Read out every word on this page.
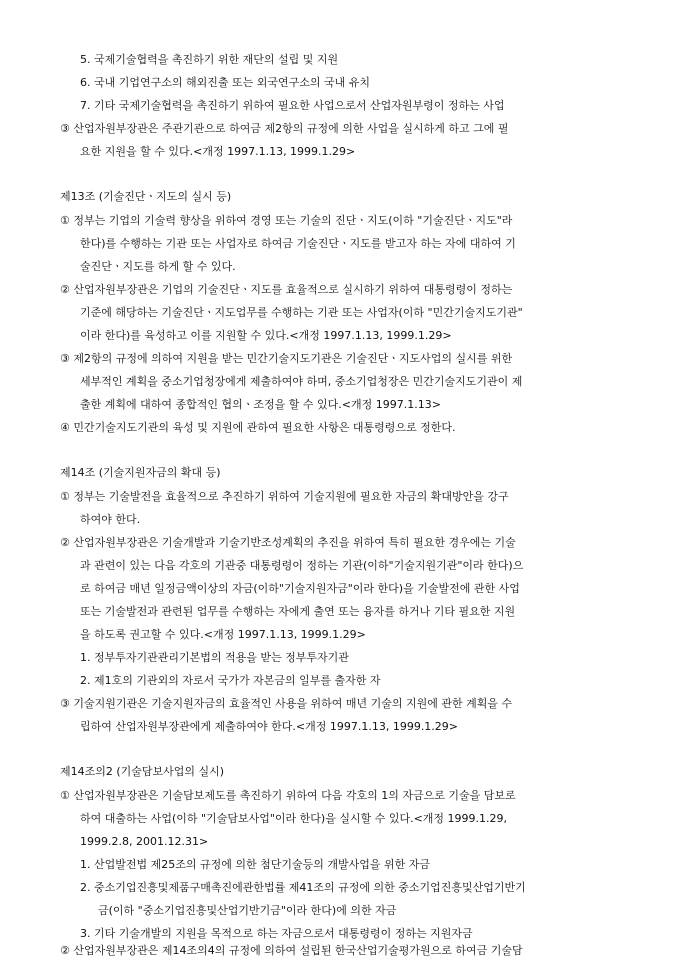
5. 국제기술협력을 촉진하기 위한 재단의 설립 및 지원
6. 국내 기업연구소의 해외진출 또는 외국연구소의 국내 유치
7. 기타 국제기술협력을 촉진하기 위하여 필요한 사업으로서 산업자원부령이 정하는 사업
③ 산업자원부장관은 주관기관으로 하여금 제2항의 규정에 의한 사업을 실시하게 하고 그에 필
요한 지원을 할 수 있다.<개정 1997.1.13, 1999.1.29>
제13조 (기술진단ㆍ지도의 실시 등)
① 정부는 기업의 기술력 향상을 위하여 경영 또는 기술의 진단ㆍ지도(이하 "기술진단ㆍ지도"라
한다)를 수행하는 기관 또는 사업자로 하여금 기술진단ㆍ지도를 받고자 하는 자에 대하여 기
술진단ㆍ지도를 하게 할 수 있다.
② 산업자원부장관은 기업의 기술진단ㆍ지도를 효율적으로 실시하기 위하여 대통령령이 정하는
기준에 해당하는 기술진단ㆍ지도업무를 수행하는 기관 또는 사업자(이하 "민간기술지도기관"
이라 한다)를 육성하고 이를 지원할 수 있다.<개정 1997.1.13, 1999.1.29>
③ 제2항의 규정에 의하여 지원을 받는 민간기술지도기관은 기술진단ㆍ지도사업의 실시를 위한
세부적인 계획을 중소기업청장에게 제출하여야 하며, 중소기업청장은 민간기술지도기관이 제
출한 계획에 대하여 종합적인 협의ㆍ조정을 할 수 있다.<개정 1997.1.13>
④ 민간기술지도기관의 육성 및 지원에 관하여 필요한 사항은 대통령령으로 정한다.
제14조 (기술지원자금의 확대 등)
① 정부는 기술발전을 효율적으로 추진하기 위하여 기술지원에 필요한 자금의 확대방안을 강구
하여야 한다.
② 산업자원부장관은 기술개발과 기술기반조성계획의 추진을 위하여 특히 필요한 경우에는 기술
과 관련이 있는 다음 각호의 기관중 대통령령이 정하는 기관(이하"기술지원기관"이라 한다)으
로 하여금 매년 일정금액이상의 자금(이하"기술지원자금"이라 한다)을 기술발전에 관한 사업
또는 기술발전과 관련된 업무를 수행하는 자에게 출연 또는 융자를 하거나 기타 필요한 지원
을 하도록 권고할 수 있다.<개정 1997.1.13, 1999.1.29>
1. 정부투자기관관리기본법의 적용을 받는 정부투자기관
2. 제1호의 기관외의 자로서 국가가 자본금의 일부를 출자한 자
③ 기술지원기관은 기술지원자금의 효율적인 사용을 위하여 매년 기술의 지원에 관한 계획을 수
립하여 산업자원부장관에게 제출하여야 한다.<개정 1997.1.13, 1999.1.29>
제14조의2 (기술담보사업의 실시)
① 산업자원부장관은 기술담보제도를 촉진하기 위하여 다음 각호의 1의 자금으로 기술을 담보로
하여 대출하는 사업(이하 "기술담보사업"이라 한다)을 실시할 수 있다.<개정 1999.1.29,
1999.2.8, 2001.12.31>
1. 산업발전법 제25조의 규정에 의한 첨단기술등의 개발사업을 위한 자금
2. 중소기업진흥및제품구매촉진에관한법률 제41조의 규정에 의한 중소기업진흥및산업기반기
금(이하 "중소기업진흥및산업기반기금"이라 한다)에 의한 자금
3. 기타 기술개발의 지원을 목적으로 하는 자금으로서 대통령령이 정하는 지원자금
② 산업자원부장관은 제14조의4의 규정에 의하여 설립된 한국산업기술평가원으로 하여금 기술담
